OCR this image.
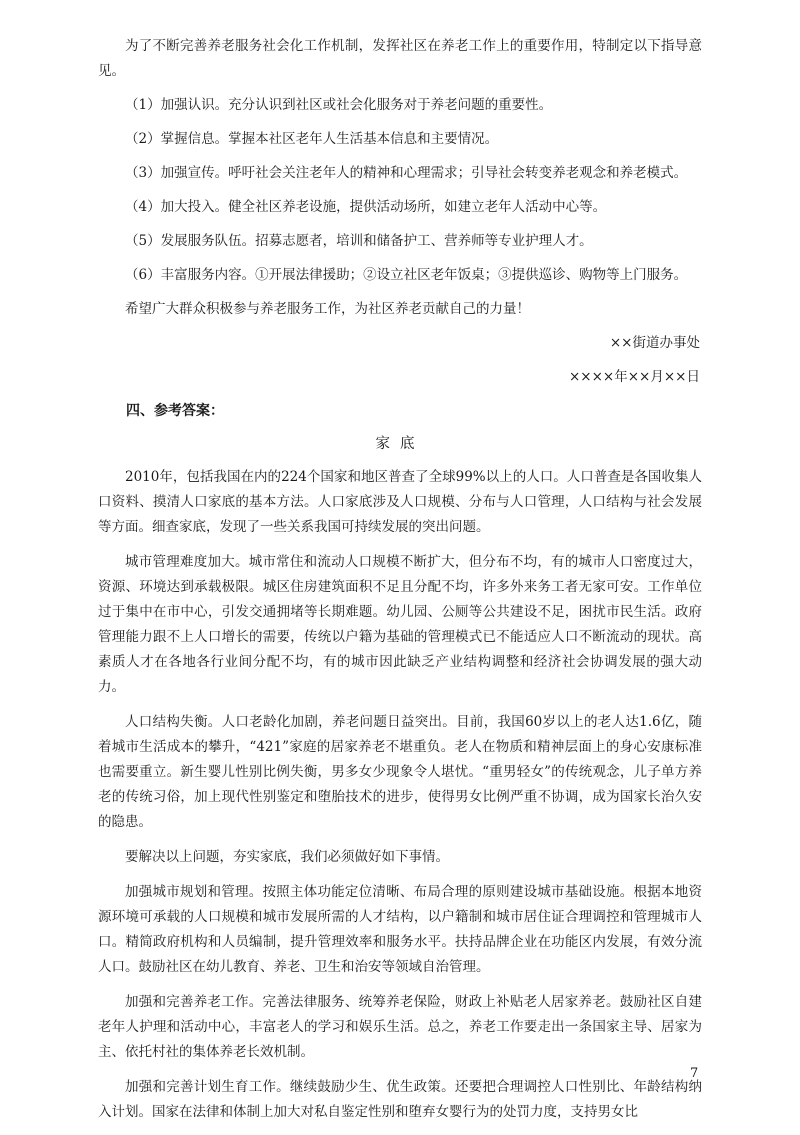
为了不断完善养老服务社会化工作机制，发挥社区在养老工作上的重要作用，特制定以下指导意见。

（1）加强认识。充分认识到社区或社会化服务对于养老问题的重要性。

（2）掌握信息。掌握本社区老年人生活基本信息和主要情况。

（3）加强宣传。呼吁社会关注老年人的精神和心理需求；引导社会转变养老观念和养老模式。

（4）加大投入。健全社区养老设施，提供活动场所，如建立老年人活动中心等。

（5）发展服务队伍。招募志愿者，培训和储备护工、营养师等专业护理人才。

（6）丰富服务内容。①开展法律援助；②设立社区老年饭桌；③提供巡诊、购物等上门服务。

希望广大群众积极参与养老服务工作，为社区养老贡献自己的力量！

××街道办事处

××××年××月××日

四、参考答案：

家底

2010年，包括我国在内的224个国家和地区普查了全球99%以上的人口。人口普查是各国收集人口资料、摸清人口家底的基本方法。人口家底涉及人口规模、分布与人口管理，人口结构与社会发展等方面。细查家底，发现了一些关系我国可持续发展的突出问题。

城市管理难度加大。城市常住和流动人口规模不断扩大，但分布不均，有的城市人口密度过大，资源、环境达到承载极限。城区住房建筑面积不足且分配不均，许多外来务工者无家可安。工作单位过于集中在市中心，引发交通拥堵等长期难题。幼儿园、公厕等公共建设不足，困扰市民生活。政府管理能力跟不上人口增长的需要，传统以户籍为基础的管理模式已不能适应人口不断流动的现状。高素质人才在各地各行业间分配不均，有的城市因此缺乏产业结构调整和经济社会协调发展的强大动力。

人口结构失衡。人口老龄化加剧，养老问题日益突出。目前，我国60岁以上的老人达1.6亿，随着城市生活成本的攀升，“421”家庭的居家养老不堪重负。老人在物质和精神层面上的身心安康标准也需要重立。新生婴儿性别比例失衡，男多女少现象令人堪忧。“重男轻女”的传统观念，儿子单方养老的传统习俗，加上现代性别鉴定和堕胎技术的进步，使得男女比例严重不协调，成为国家长治久安的隐患。

要解决以上问题，夯实家底，我们必须做好如下事情。

加强城市规划和管理。按照主体功能定位清晰、布局合理的原则建设城市基础设施。根据本地资源环境可承载的人口规模和城市发展所需的人才结构，以户籍制和城市居住证合理调控和管理城市人口。精简政府机构和人员编制，提升管理效率和服务水平。扶持品牌企业在功能区内发展，有效分流人口。鼓励社区在幼儿教育、养老、卫生和治安等领域自治管理。

加强和完善养老工作。完善法律服务、统筹养老保险，财政上补贴老人居家养老。鼓励社区自建老年人护理和活动中心，丰富老人的学习和娱乐生活。总之，养老工作要走出一条国家主导、居家为主、依托村社的集体养老长效机制。

加强和完善计划生育工作。继续鼓励少生、优生政策。还要把合理调控人口性别比、年龄结构纳入计划。国家在法律和体制上加大对私自鉴定性别和堕弃女婴行为的处罚力度，支持男女比

7
